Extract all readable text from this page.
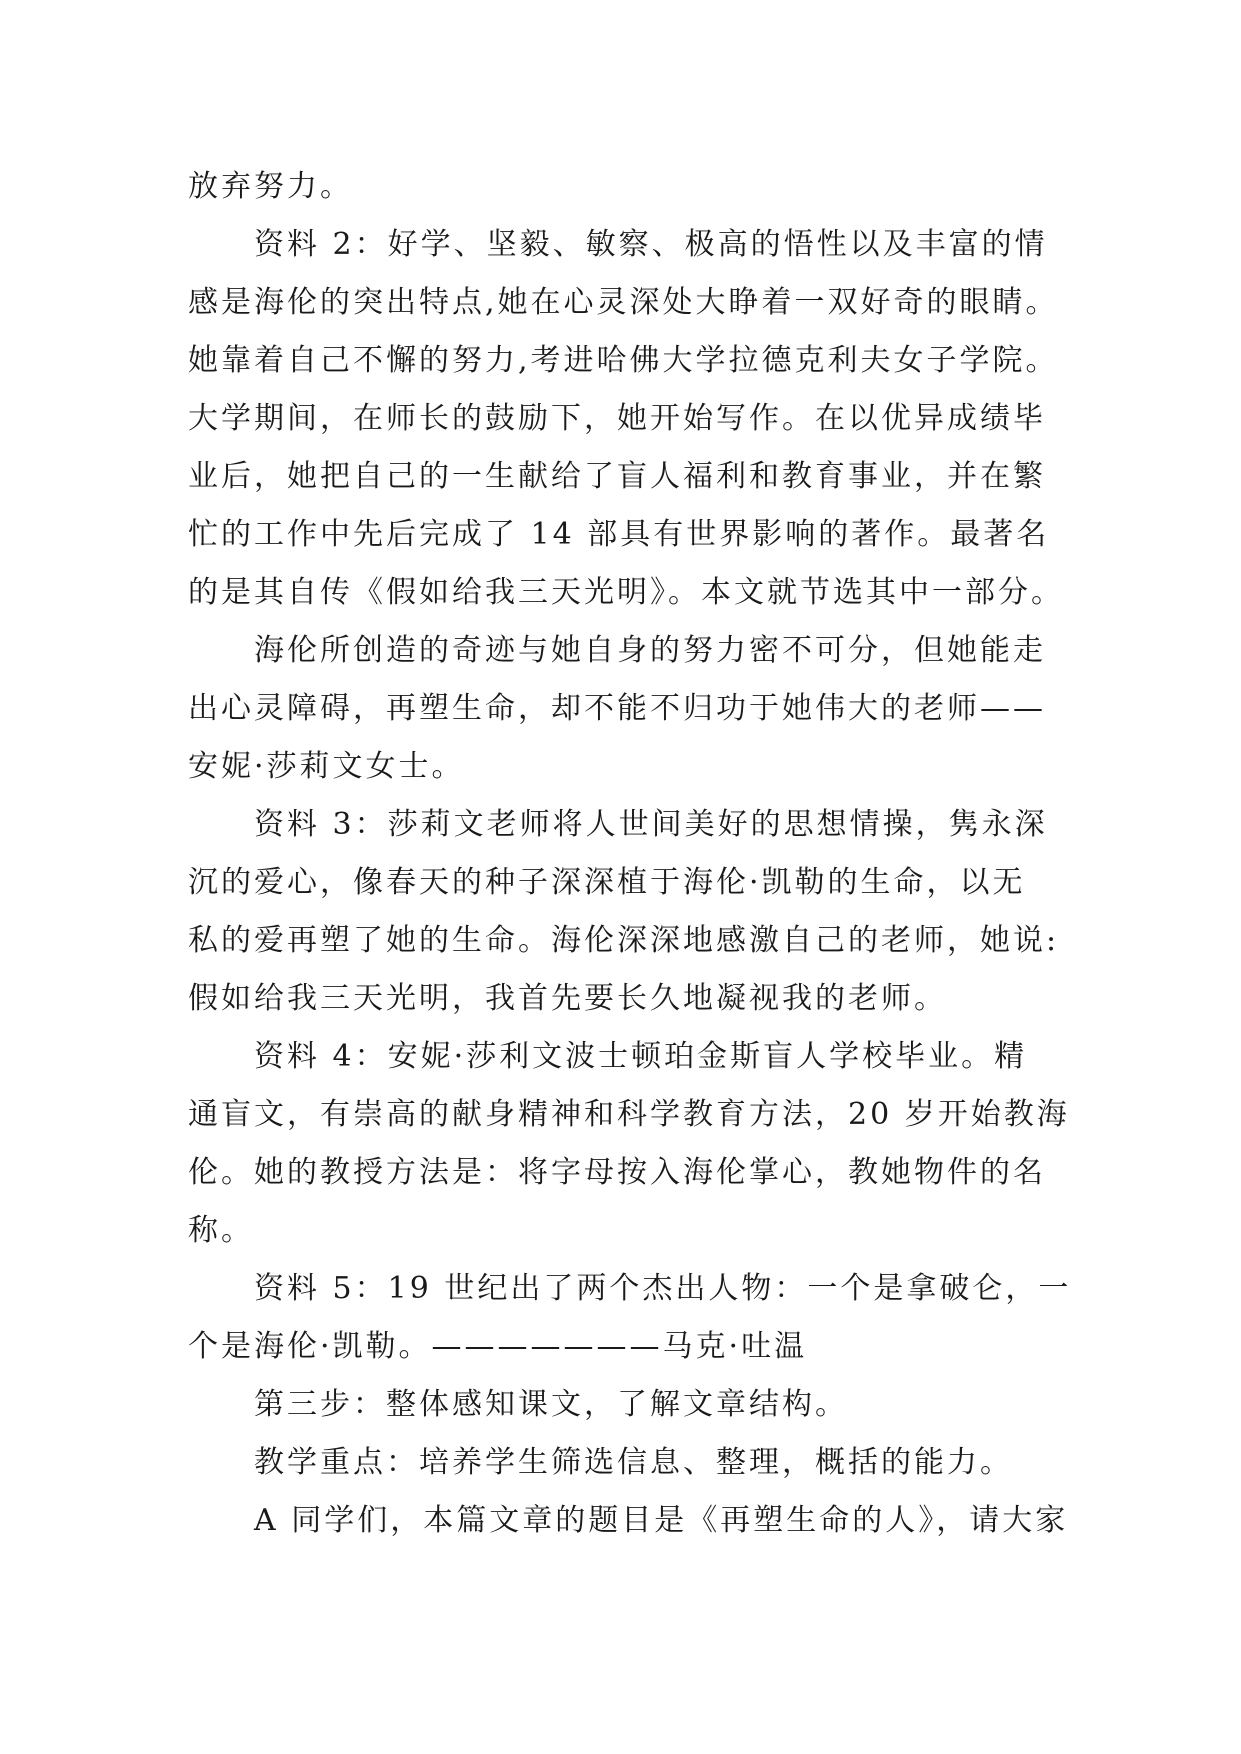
放弃努力。
资料 2：好学、坚毅、敏察、极高的悟性以及丰富的情
感是海伦的突出特点,她在心灵深处大睁着一双好奇的眼睛。
她靠着自己不懈的努力,考进哈佛大学拉德克利夫女子学院。
大学期间，在师长的鼓励下，她开始写作。在以优异成绩毕
业后，她把自己的一生献给了盲人福利和教育事业，并在繁
忙的工作中先后完成了 14 部具有世界影响的著作。最著名
的是其自传《假如给我三天光明》。本文就节选其中一部分。
海伦所创造的奇迹与她自身的努力密不可分，但她能走
出心灵障碍，再塑生命，却不能不归功于她伟大的老师——
安妮·莎莉文女士。
资料 3：莎莉文老师将人世间美好的思想情操，隽永深
沉的爱心，像春天的种子深深植于海伦·凯勒的生命，以无
私的爱再塑了她的生命。海伦深深地感激自己的老师，她说:
假如给我三天光明，我首先要长久地凝视我的老师。
资料 4：安妮·莎利文波士顿珀金斯盲人学校毕业。精
通盲文，有崇高的献身精神和科学教育方法，20 岁开始教海
伦。她的教授方法是：将字母按入海伦掌心，教她物件的名
称。
资料 5：19 世纪出了两个杰出人物：一个是拿破仑，一
个是海伦·凯勒。———————马克·吐温
第三步：整体感知课文，了解文章结构。
教学重点：培养学生筛选信息、整理，概括的能力。
A 同学们，本篇文章的题目是《再塑生命的人》，请大家
